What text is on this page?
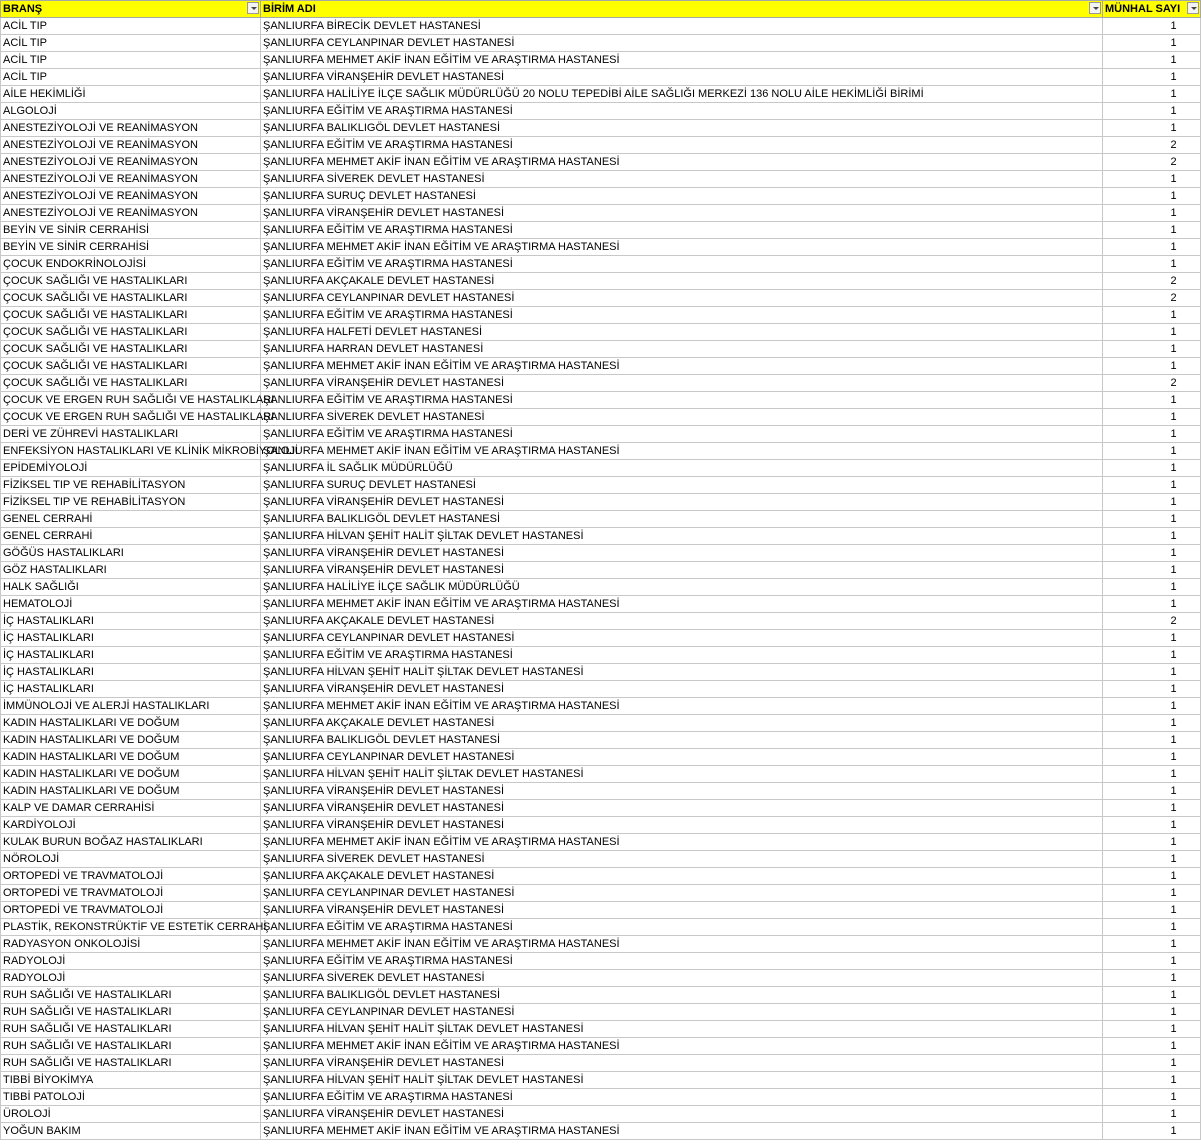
BRANŞ	BİRİM ADI	MÜNHAL SAYI

ACİL TIP	ŞANLIURFA BİRECİK DEVLET HASTANESİ	1
ACİL TIP	ŞANLIURFA CEYLANPINAR DEVLET HASTANESİ	1
ACİL TIP	ŞANLIURFA MEHMET AKİF İNAN EĞİTİM VE ARAŞTIRMA HASTANESİ	1
ACİL TIP	ŞANLIURFA VİRANŞEHİR DEVLET HASTANESİ	1
AİLE HEKİMLİĞİ	ŞANLIURFA HALİLİYE İLÇE SAĞLIK MÜDÜRLÜĞÜ 20 NOLU TEPEDİBİ AİLE SAĞLIĞI MERKEZİ 136 NOLU AİLE HEKİMLİĞİ BİRİMİ	1
ALGOLOJİ	ŞANLIURFA EĞİTİM VE ARAŞTIRMA HASTANESİ	1
ANESTEZİYOLOJİ VE REANİMASYON	ŞANLIURFA BALIKLIGÖL DEVLET HASTANESİ	1
ANESTEZİYOLOJİ VE REANİMASYON	ŞANLIURFA EĞİTİM VE ARAŞTIRMA HASTANESİ	2
ANESTEZİYOLOJİ VE REANİMASYON	ŞANLIURFA MEHMET AKİF İNAN EĞİTİM VE ARAŞTIRMA HASTANESİ	2
ANESTEZİYOLOJİ VE REANİMASYON	ŞANLIURFA SİVEREK DEVLET HASTANESİ	1
ANESTEZİYOLOJİ VE REANİMASYON	ŞANLIURFA SURUÇ DEVLET HASTANESİ	1
ANESTEZİYOLOJİ VE REANİMASYON	ŞANLIURFA VİRANŞEHİR DEVLET HASTANESİ	1
BEYİN VE SİNİR CERRAHİSİ	ŞANLIURFA EĞİTİM VE ARAŞTIRMA HASTANESİ	1
BEYİN VE SİNİR CERRAHİSİ	ŞANLIURFA MEHMET AKİF İNAN EĞİTİM VE ARAŞTIRMA HASTANESİ	1
ÇOCUK ENDOKRİNOLOJİSİ	ŞANLIURFA EĞİTİM VE ARAŞTIRMA HASTANESİ	1
ÇOCUK SAĞLIĞI VE HASTALIKLARI	ŞANLIURFA AKÇAKALE DEVLET HASTANESİ	2
ÇOCUK SAĞLIĞI VE HASTALIKLARI	ŞANLIURFA CEYLANPINAR DEVLET HASTANESİ	2
ÇOCUK SAĞLIĞI VE HASTALIKLARI	ŞANLIURFA EĞİTİM VE ARAŞTIRMA HASTANESİ	1
ÇOCUK SAĞLIĞI VE HASTALIKLARI	ŞANLIURFA HALFETİ DEVLET HASTANESİ	1
ÇOCUK SAĞLIĞI VE HASTALIKLARI	ŞANLIURFA HARRAN DEVLET HASTANESİ	1
ÇOCUK SAĞLIĞI VE HASTALIKLARI	ŞANLIURFA MEHMET AKİF İNAN EĞİTİM VE ARAŞTIRMA HASTANESİ	1
ÇOCUK SAĞLIĞI VE HASTALIKLARI	ŞANLIURFA VİRANŞEHİR DEVLET HASTANESİ	2
ÇOCUK VE ERGEN RUH SAĞLIĞI VE HASTALIKLARI	ŞANLIURFA EĞİTİM VE ARAŞTIRMA HASTANESİ	1
ÇOCUK VE ERGEN RUH SAĞLIĞI VE HASTALIKLARI	ŞANLIURFA SİVEREK DEVLET HASTANESİ	1
DERİ VE ZÜHREVİ HASTALIKLARI	ŞANLIURFA EĞİTİM VE ARAŞTIRMA HASTANESİ	1
ENFEKSİYON HASTALIKLARI VE KLİNİK MİKROBİYOLOJİ	ŞANLIURFA MEHMET AKİF İNAN EĞİTİM VE ARAŞTIRMA HASTANESİ	1
EPİDEMİYOLOJİ	ŞANLIURFA İL SAĞLIK MÜDÜRLÜĞÜ	1
FİZİKSEL TIP VE REHABİLİTASYON	ŞANLIURFA SURUÇ DEVLET HASTANESİ	1
FİZİKSEL TIP VE REHABİLİTASYON	ŞANLIURFA VİRANŞEHİR DEVLET HASTANESİ	1
GENEL CERRAHİ	ŞANLIURFA BALIKLIGÖL DEVLET HASTANESİ	1
GENEL CERRAHİ	ŞANLIURFA HİLVAN ŞEHİT HALİT ŞİLTAK DEVLET HASTANESİ	1
GÖĞÜS HASTALIKLARI	ŞANLIURFA VİRANŞEHİR DEVLET HASTANESİ	1
GÖZ HASTALIKLARI	ŞANLIURFA VİRANŞEHİR DEVLET HASTANESİ	1
HALK SAĞLIĞI	ŞANLIURFA HALİLİYE İLÇE SAĞLIK MÜDÜRLÜĞÜ	1
HEMATOLOJİ	ŞANLIURFA MEHMET AKİF İNAN EĞİTİM VE ARAŞTIRMA HASTANESİ	1
İÇ HASTALIKLARI	ŞANLIURFA AKÇAKALE DEVLET HASTANESİ	2
İÇ HASTALIKLARI	ŞANLIURFA CEYLANPINAR DEVLET HASTANESİ	1
İÇ HASTALIKLARI	ŞANLIURFA EĞİTİM VE ARAŞTIRMA HASTANESİ	1
İÇ HASTALIKLARI	ŞANLIURFA HİLVAN ŞEHİT HALİT ŞİLTAK DEVLET HASTANESİ	1
İÇ HASTALIKLARI	ŞANLIURFA VİRANŞEHİR DEVLET HASTANESİ	1
İMMÜNOLOJİ VE ALERJİ HASTALIKLARI	ŞANLIURFA MEHMET AKİF İNAN EĞİTİM VE ARAŞTIRMA HASTANESİ	1
KADIN HASTALIKLARI VE DOĞUM	ŞANLIURFA AKÇAKALE DEVLET HASTANESİ	1
KADIN HASTALIKLARI VE DOĞUM	ŞANLIURFA BALIKLIGÖL DEVLET HASTANESİ	1
KADIN HASTALIKLARI VE DOĞUM	ŞANLIURFA CEYLANPINAR DEVLET HASTANESİ	1
KADIN HASTALIKLARI VE DOĞUM	ŞANLIURFA HİLVAN ŞEHİT HALİT ŞİLTAK DEVLET HASTANESİ	1
KADIN HASTALIKLARI VE DOĞUM	ŞANLIURFA VİRANŞEHİR DEVLET HASTANESİ	1
KALP VE DAMAR CERRAHİSİ	ŞANLIURFA VİRANŞEHİR DEVLET HASTANESİ	1
KARDİYOLOJİ	ŞANLIURFA VİRANŞEHİR DEVLET HASTANESİ	1
KULAK BURUN BOĞAZ HASTALIKLARI	ŞANLIURFA MEHMET AKİF İNAN EĞİTİM VE ARAŞTIRMA HASTANESİ	1
NÖROLOJİ	ŞANLIURFA SİVEREK DEVLET HASTANESİ	1
ORTOPEDİ VE TRAVMATOLOJİ	ŞANLIURFA AKÇAKALE DEVLET HASTANESİ	1
ORTOPEDİ VE TRAVMATOLOJİ	ŞANLIURFA CEYLANPINAR DEVLET HASTANESİ	1
ORTOPEDİ VE TRAVMATOLOJİ	ŞANLIURFA VİRANŞEHİR DEVLET HASTANESİ	1
PLASTİK, REKONSTRÜKTİF VE ESTETİK CERRAHİ	ŞANLIURFA EĞİTİM VE ARAŞTIRMA HASTANESİ	1
RADYASYON ONKOLOJİSİ	ŞANLIURFA MEHMET AKİF İNAN EĞİTİM VE ARAŞTIRMA HASTANESİ	1
RADYOLOJİ	ŞANLIURFA EĞİTİM VE ARAŞTIRMA HASTANESİ	1
RADYOLOJİ	ŞANLIURFA SİVEREK DEVLET HASTANESİ	1
RUH SAĞLIĞI VE HASTALIKLARI	ŞANLIURFA BALIKLIGÖL DEVLET HASTANESİ	1
RUH SAĞLIĞI VE HASTALIKLARI	ŞANLIURFA CEYLANPINAR DEVLET HASTANESİ	1
RUH SAĞLIĞI VE HASTALIKLARI	ŞANLIURFA HİLVAN ŞEHİT HALİT ŞİLTAK DEVLET HASTANESİ	1
RUH SAĞLIĞI VE HASTALIKLARI	ŞANLIURFA MEHMET AKİF İNAN EĞİTİM VE ARAŞTIRMA HASTANESİ	1
RUH SAĞLIĞI VE HASTALIKLARI	ŞANLIURFA VİRANŞEHİR DEVLET HASTANESİ	1
TIBBİ BİYOKİMYA	ŞANLIURFA HİLVAN ŞEHİT HALİT ŞİLTAK DEVLET HASTANESİ	1
TIBBİ PATOLOJİ	ŞANLIURFA EĞİTİM VE ARAŞTIRMA HASTANESİ	1
ÜROLOJİ	ŞANLIURFA VİRANŞEHİR DEVLET HASTANESİ	1
YOĞUN BAKIM	ŞANLIURFA MEHMET AKİF İNAN EĞİTİM VE ARAŞTIRMA HASTANESİ	1
